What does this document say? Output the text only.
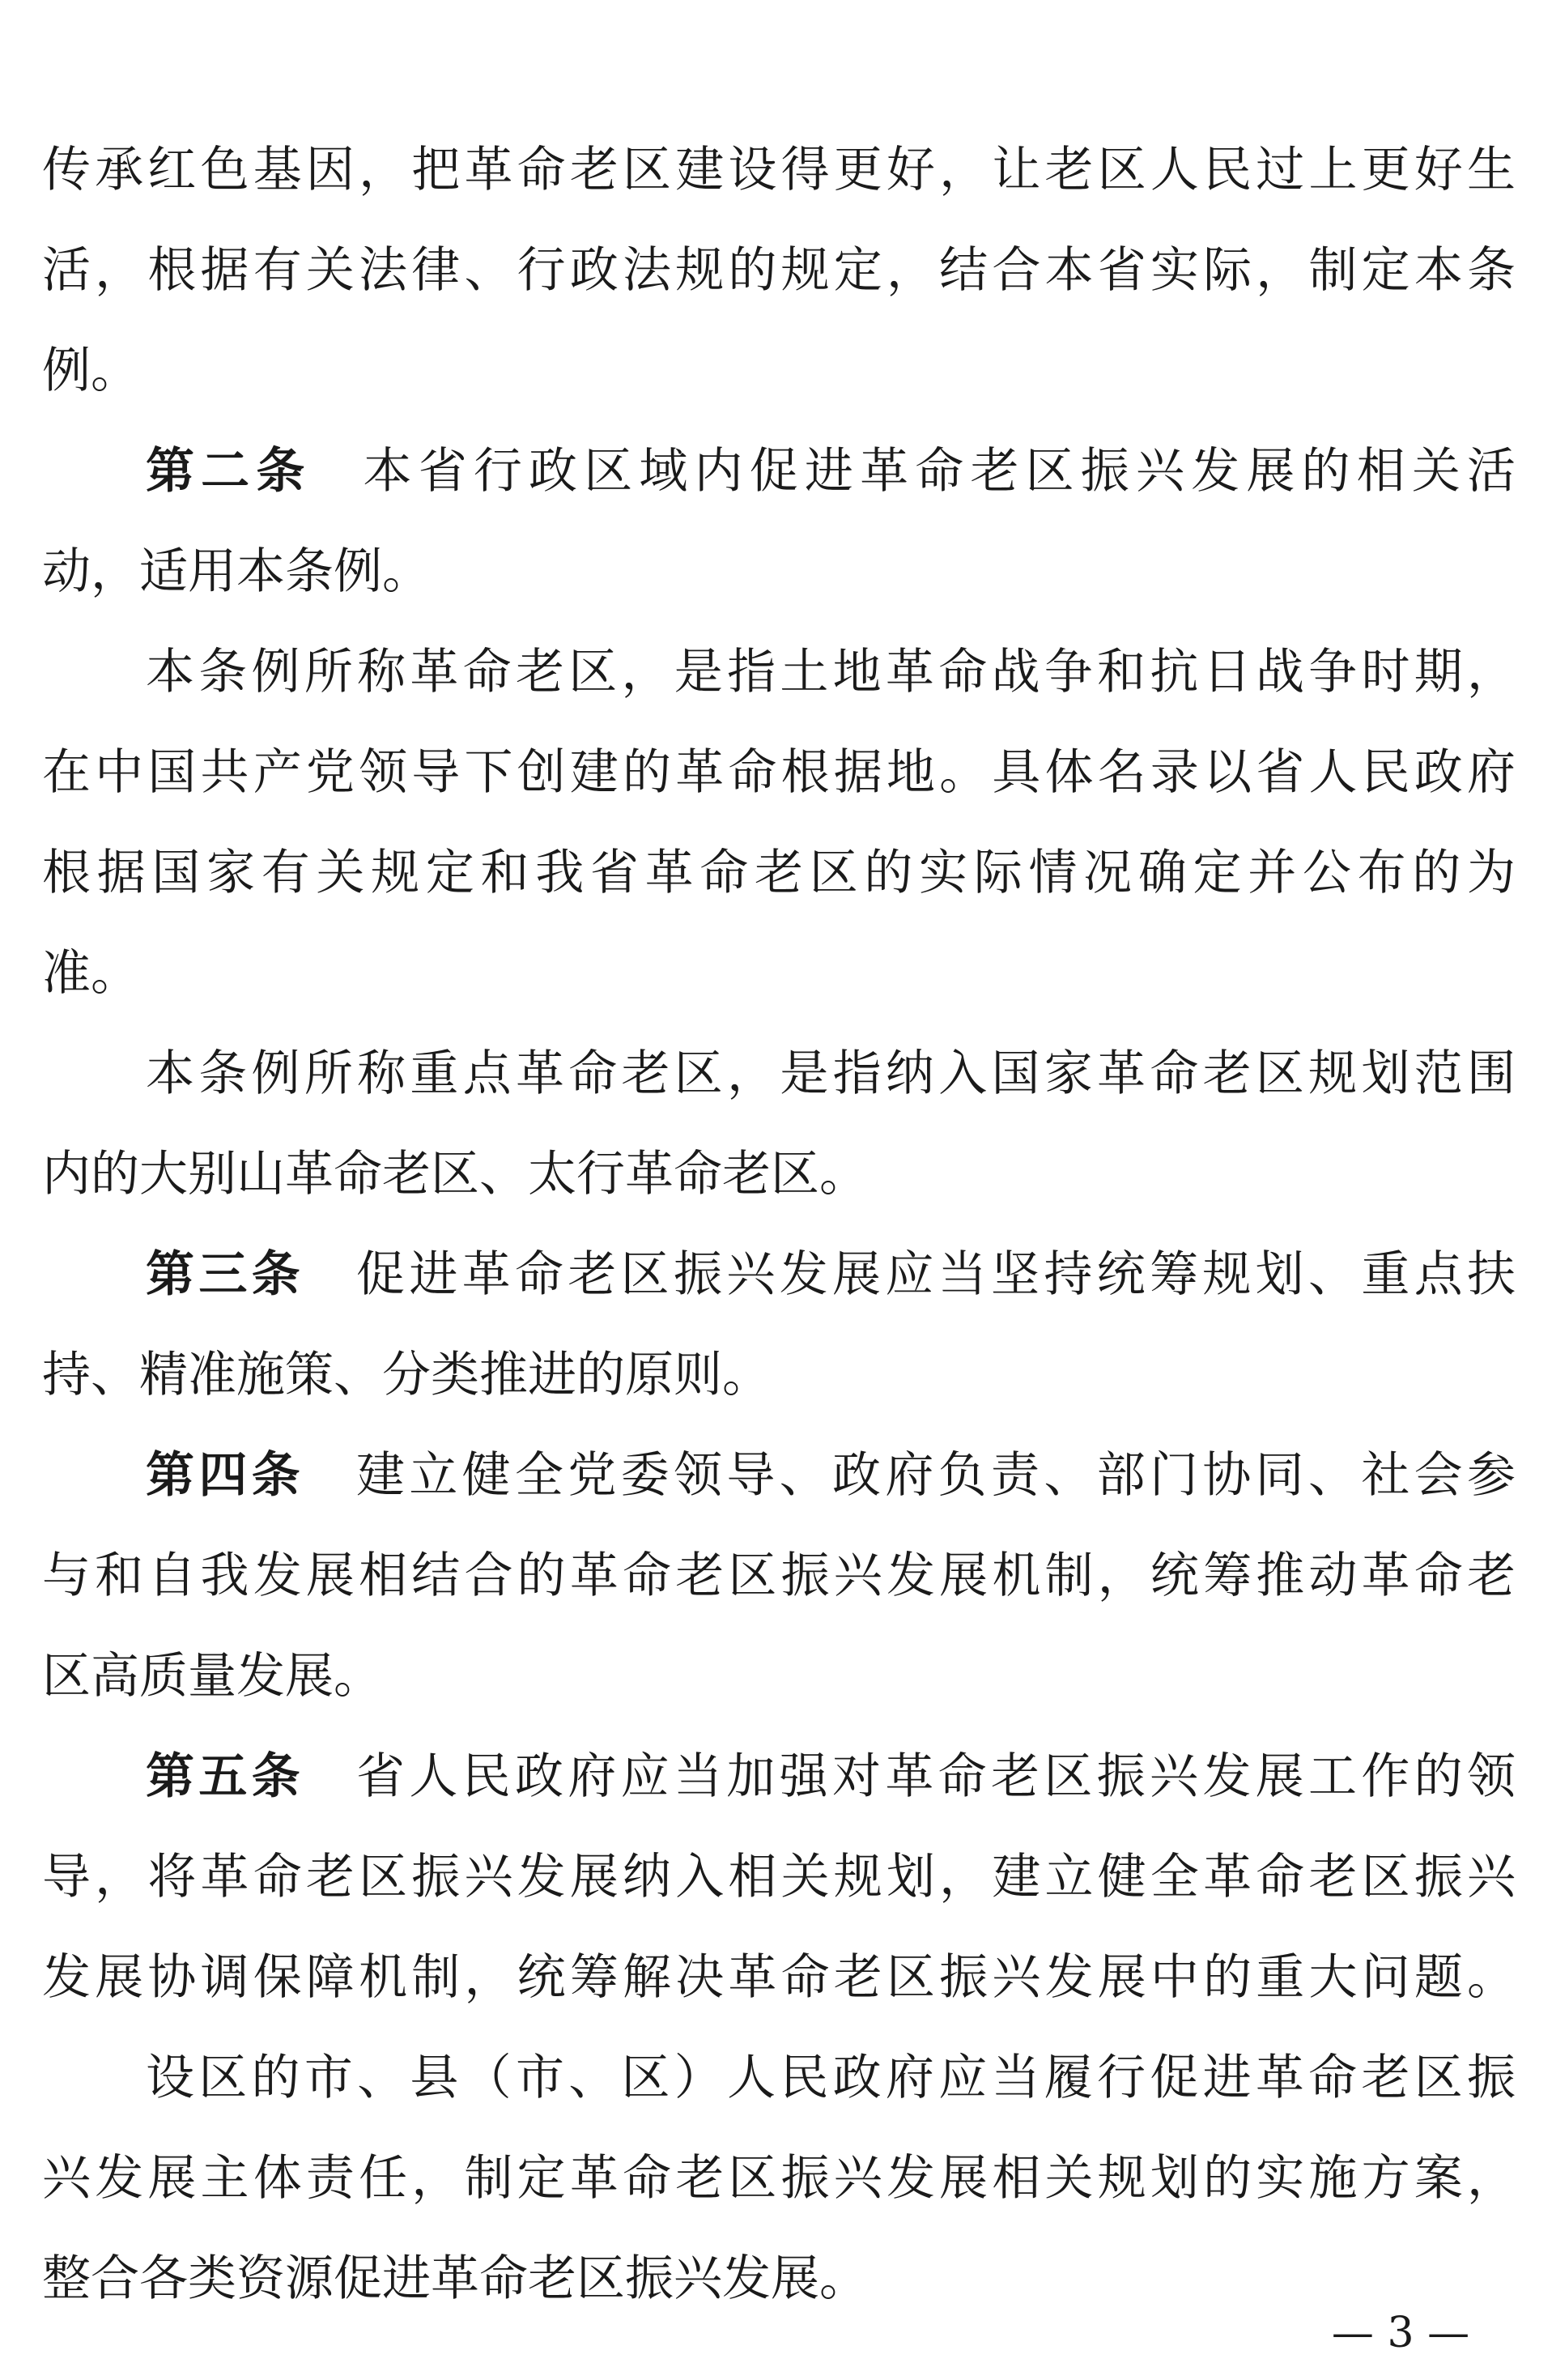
传承红色基因，把革命老区建设得更好，让老区人民过上更好生
活，根据有关法律、行政法规的规定，结合本省实际，制定本条
例。
第二条 本省行政区域内促进革命老区振兴发展的相关活
动，适用本条例。
本条例所称革命老区，是指土地革命战争和抗日战争时期，
在中国共产党领导下创建的革命根据地。具体名录以省人民政府
根据国家有关规定和我省革命老区的实际情况确定并公布的为
准。
本条例所称重点革命老区，是指纳入国家革命老区规划范围
内的大别山革命老区、太行革命老区。
第三条 促进革命老区振兴发展应当坚持统筹规划、重点扶
持、精准施策、分类推进的原则。
第四条 建立健全党委领导、政府负责、部门协同、社会参
与和自我发展相结合的革命老区振兴发展机制，统筹推动革命老
区高质量发展。
第五条 省人民政府应当加强对革命老区振兴发展工作的领
导，将革命老区振兴发展纳入相关规划，建立健全革命老区振兴
发展协调保障机制，统筹解决革命老区振兴发展中的重大问题。
设区的市、县（市、区）人民政府应当履行促进革命老区振
兴发展主体责任，制定革命老区振兴发展相关规划的实施方案，
整合各类资源促进革命老区振兴发展。
— 3 —
